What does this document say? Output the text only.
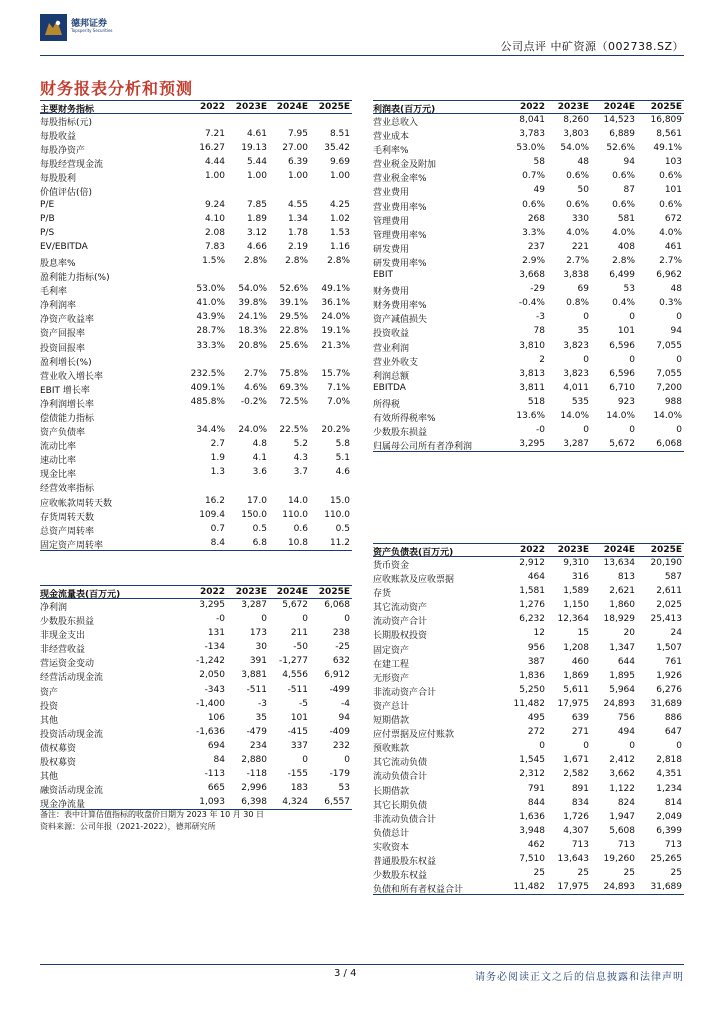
德邦证券
Topsperity Securities
公司点评 中矿资源（002738.SZ）
财务报表分析和预测
主要财务指标	2022 2023E 2024E 2025E
每股指标(元)
每股收益	7.21 4.61 7.95 8.51
每股净资产	16.27 19.13 27.00 35.42
每股经营现金流	4.44 5.44 6.39 9.69
每股股利	1.00 1.00 1.00 1.00
价值评估(倍)
P/E	9.24 7.85 4.55 4.25
P/B	4.10 1.89 1.34 1.02
P/S	2.08 3.12 1.78 1.53
EV/EBITDA	7.83 4.66 2.19 1.16
股息率%	1.5% 2.8% 2.8% 2.8%
盈利能力指标(%)
毛利率	53.0% 54.0% 52.6% 49.1%
净利润率	41.0% 39.8% 39.1% 36.1%
净资产收益率	43.9% 24.1% 29.5% 24.0%
资产回报率	28.7% 18.3% 22.8% 19.1%
投资回报率	33.3% 20.8% 25.6% 21.3%
盈利增长(%)
营业收入增长率	232.5% 2.7% 75.8% 15.7%
EBIT 增长率	409.1% 4.6% 69.3% 7.1%
净利润增长率	485.8% -0.2% 72.5% 7.0%
偿债能力指标
资产负债率	34.4% 24.0% 22.5% 20.2%
流动比率	2.7	4.8	5.2	5.8
速动比率	1.9	4.1	4.3	5.1
现金比率	1.3	3.6	3.7	4.6
经营效率指标
应收帐款周转天数	16.2 17.0 14.0 15.0
存货周转天数	109.4 150.0 110.0 110.0
总资产周转率	0.7	0.5	0.6	0.5
固定资产周转率	8.4	6.8 10.8 11.2
现金流量表(百万元)	2022 2023E 2024E 2025E
净利润	3,295 3,287 5,672 6,068
少数股东损益	-0	0	0	0
非现金支出	131	173	211	238
非经营收益	-134	30	-50	-25
营运资金变动	-1,242	391 -1,277	632
经营活动现金流	2,050 3,881 4,556 6,912
资产	-343 -511 -511 -499
投资	-1,400	-3	-5	-4
其他	106	35	101	94
投资活动现金流	-1,636 -479 -415 -409
债权募资	694	234	337	232
股权募资	84 2,880	0	0
其他	-113 -118 -155 -179
融资活动现金流	665 2,996	183	53
现金净流量	1,093 6,398 4,324 6,557
利润表(百万元)	2022 2023E 2024E 2025E
营业总收入	8,041 8,260 14,523 16,809
营业成本	3,783 3,803 6,889 8,561
毛利率%	53.0% 54.0% 52.6% 49.1%
营业税金及附加	58	48	94	103
营业税金率%	0.7% 0.6%	0.6%	0.6%
营业费用	49	50	87	101
营业费用率%	0.6% 0.6%	0.6%	0.6%
管理费用	268	330	581	672
管理费用率%	3.3% 4.0%	4.0%	4.0%
研发费用	237	221	408	461
研发费用率%	2.9% 2.7%	2.8%	2.7%
EBIT	3,668 3,838 6,499 6,962
财务费用	-29	69	53	48
财务费用率%	-0.4% 0.8%	0.4%	0.3%
资产减值损失	-3	0	0	0
投资收益	78	35	101	94
营业利润	3,810 3,823 6,596 7,055
营业外收支	2	0	0	0
利润总额	3,813 3,823 6,596 7,055
EBITDA	3,811 4,011 6,710 7,200
所得税	518	535	923	988
有效所得税率%	13.6% 14.0% 14.0% 14.0%
少数股东损益	-0	0	0	0
归属母公司所有者净利润	3,295 3,287 5,672 6,068
资产负债表(百万元)	2022 2023E 2024E 2025E
货币资金	2,912 9,310 13,634 20,190
应收账款及应收票据	464	316	813	587
存货	1,581 1,589 2,621 2,611
其它流动资产	1,276 1,150 1,860 2,025
流动资产合计	6,232 12,364 18,929 25,413
长期股权投资	12	15	20	24
固定资产	956 1,208 1,347 1,507
在建工程	387	460	644	761
无形资产	1,836 1,869 1,895 1,926
非流动资产合计	5,250 5,611 5,964 6,276
资产总计	11,482 17,975 24,893 31,689
短期借款	495	639	756	886
应付票据及应付账款	272	271	494	647
预收账款	0	0	0	0
其它流动负债	1,545 1,671 2,412 2,818
流动负债合计	2,312 2,582 3,662 4,351
长期借款	791	891 1,122 1,234
其它长期负债	844	834	824	814
非流动负债合计	1,636 1,726 1,947 2,049
负债总计	3,948 4,307 5,608 6,399
实收资本	462	713	713	713
普通股股东权益	7,510 13,643 19,260 25,265
少数股东权益	25	25	25	25
负债和所有者权益合计	11,482 17,975 24,893 31,689
备注：表中计算估值指标的收盘价日期为 2023 年 10 月 30 日
资料来源：公司年报（2021-2022），德邦研究所
3 / 4	请务必阅读正文之后的信息披露和法律声明
